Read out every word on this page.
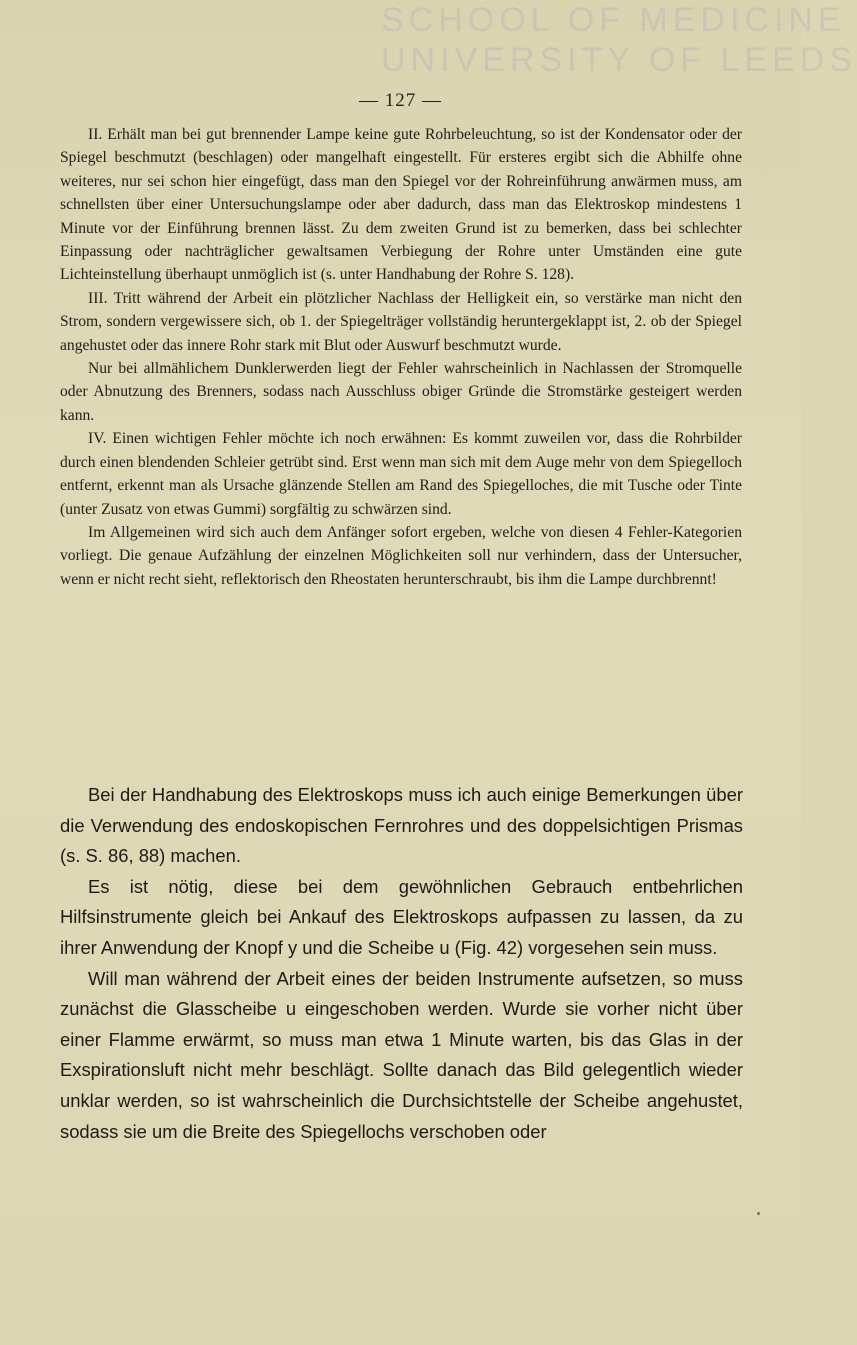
SCHOOL OF MEDICINE
UNIVERSITY OF LEEDS
— 127 —

II. Erhält man bei gut brennender Lampe keine gute Rohrbeleuchtung, so ist der Kondensator oder der Spiegel beschmutzt (beschlagen) oder mangelhaft eingestellt. Für ersteres ergibt sich die Abhilfe ohne weiteres, nur sei schon hier eingefügt, dass man den Spiegel vor der Rohreinführung anwärmen muss, am schnellsten über einer Untersuchungslampe oder aber dadurch, dass man das Elektroskop mindestens 1 Minute vor der Einführung brennen lässt. Zu dem zweiten Grund ist zu bemerken, dass bei schlechter Einpassung oder nachträglicher gewaltsamen Verbiegung der Rohre unter Umständen eine gute Lichteinstellung überhaupt unmöglich ist (s. unter Handhabung der Rohre S. 128).

III. Tritt während der Arbeit ein plötzlicher Nachlass der Helligkeit ein, so verstärke man nicht den Strom, sondern vergewissere sich, ob 1. der Spiegelträger vollständig heruntergeklappt ist, 2. ob der Spiegel angehustet oder das innere Rohr stark mit Blut oder Auswurf beschmutzt wurde.

Nur bei allmählichem Dunklerwerden liegt der Fehler wahrscheinlich in Nachlassen der Stromquelle oder Abnutzung des Brenners, sodass nach Ausschluss obiger Gründe die Stromstärke gesteigert werden kann.

IV. Einen wichtigen Fehler möchte ich noch erwähnen: Es kommt zuweilen vor, dass die Rohrbilder durch einen blendenden Schleier getrübt sind. Erst wenn man sich mit dem Auge mehr von dem Spiegelloch entfernt, erkennt man als Ursache glänzende Stellen am Rand des Spiegelloches, die mit Tusche oder Tinte (unter Zusatz von etwas Gummi) sorgfältig zu schwärzen sind.

Im Allgemeinen wird sich auch dem Anfänger sofort ergeben, welche von diesen 4 Fehler-Kategorien vorliegt. Die genaue Aufzählung der einzelnen Möglichkeiten soll nur verhindern, dass der Untersucher, wenn er nicht recht sieht, reflektorisch den Rheostaten herunterschraubt, bis ihm die Lampe durchbrennt!

Bei der Handhabung des Elektroskops muss ich auch einige Bemerkungen über die Verwendung des endoskopischen Fernrohres und des doppelsichtigen Prismas (s. S. 86, 88) machen.

Es ist nötig, diese bei dem gewöhnlichen Gebrauch entbehrlichen Hilfsinstrumente gleich bei Ankauf des Elektroskops aufpassen zu lassen, da zu ihrer Anwendung der Knopf y und die Scheibe u (Fig. 42) vorgesehen sein muss.

Will man während der Arbeit eines der beiden Instrumente aufsetzen, so muss zunächst die Glasscheibe u eingeschoben werden. Wurde sie vorher nicht über einer Flamme erwärmt, so muss man etwa 1 Minute warten, bis das Glas in der Exspirationsluft nicht mehr beschlägt. Sollte danach das Bild gelegentlich wieder unklar werden, so ist wahrscheinlich die Durchsichtstelle der Scheibe angehustet, sodass sie um die Breite des Spiegellochs verschoben oder
